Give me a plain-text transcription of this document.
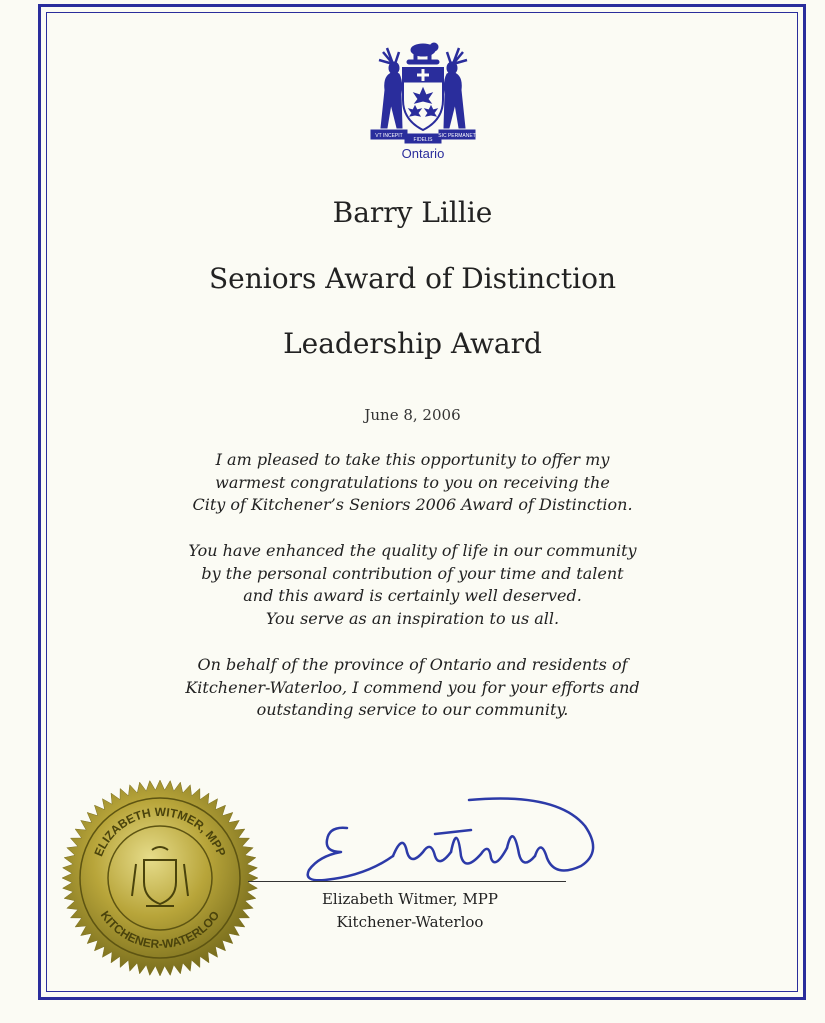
VT INCEPIT
FIDELIS
SIC PERMANET
Ontario
Barry Lillie
Seniors Award of Distinction
Leadership Award
June 8, 2006
I am pleased to take this opportunity to offer my
warmest congratulations to you on receiving the
City of Kitchener’s Seniors 2006 Award of Distinction.
You have enhanced the quality of life in our community
by the personal contribution of your time and talent
and this award is certainly well deserved.
You serve as an inspiration to us all.
On behalf of the province of Ontario and residents of
Kitchener-Waterloo, I commend you for your efforts and
outstanding service to our community.
ELIZABETH WITMER, MPP
KITCHENER-WATERLOO
Elizabeth Witmer, MPP
Kitchener-Waterloo
